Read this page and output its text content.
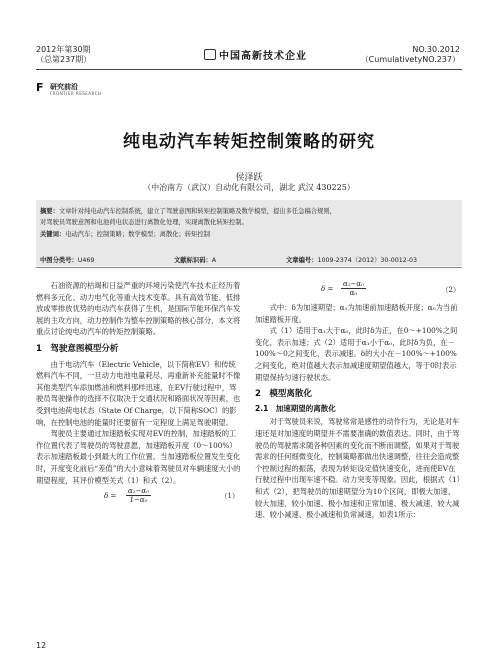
2012年第30期
（总第237期）	中国高新技术企业
NO.30.2012
（CumulativetyNO.237）
F 研究前沿
FRONTIER RESEARCH
纯电动汽车转矩控制策略的研究
侯泽跃
（中冶南方（武汉）自动化有限公司，湖北 武汉 430225）
摘要：文章针对纯电动汽车控制系统，建立了驾驶意图和转矩控制策略及数学模型，提出多任急稿合规则，
对驾驶员驾驶意图和电池荷电状态进行离散化处理，实现离散化转矩控制。
关键词：电动汽车；控制策略；数学模型；离散化；转矩控制
中图分类号：U469	文献标识码：A	文章编号：1009-2374（2012）30-0012-03

石油资源的枯竭和日益严重的环境污染使汽车技术正经历着燃料多元化、动力电气化等重大技术变革。具有高效节能、低排放或零排放优势的电动汽车获得了生机，是国际节能环保汽车发展的主攻方向，动力控制作为整车控制策略的核心部分，本文将重点讨论纯电动汽车的转矩控制策略。

1　驾驶意图模型分析

由于电动汽车（Electric Vehicle，以下简称EV）和传统燃料汽车不同，一旦动力电池电量耗尽，再重新补充能量时不像其他类型汽车添加燃油和燃料那样迅速，在EV行驶过程中，驾驶员驾驶操作的选择不仅取决于交通状况和路面状况等因素，也受到电池荷电状态（State Of Charge，以下简称SOC）的影响，在控制电池的能量时还要留有一定程度上满足驾驶期望。

驾驶员主要通过加速踏板实现对EV的控制，加速踏板的工作位置代表了驾驶员的驾驶意愿，加速踏板开度（0～100%）表示加速踏板最小到最大的工作位置。当加速踏板位置发生变化时，开度变化前后“差值”的大小意味着驾驶员对车辆速度大小的期望程度，其评价模型关式（1）和式（2）。

$\delta = \frac{\text{α₁−α₀}}{\text{1−α₀}}$	（1）
$\delta = \frac{\text{α₁−α₀}}{\text{α₀}}$	（2）

式中：δ为加速期望；α₁为加速前加速踏板开度；α₀为当前加速踏板开度。

式（1）适用于α₁大于α₀，此时δ为正，在0～+100%之间变化，表示加速；式（2）适用于α₁小于α₀，此时δ为负，在－100%～0之间变化，表示减速。δ的大小在－100%～+100%之间变化，绝对值越大表示加减速度期望值越大，等于0时表示期望保持匀速行驶状态。

2　模型离散化
2.1　加速期望的离散化

对于驾驶员来说，驾驶常常是感性的动作行为，无论是对车速还是对加速度的期望并不需要准确的数值表达。同时，由于驾驶员的驾驶需求随各种因素的变化而不断而调整，如果对于驾驶需求的任何细微变化，控制策略都做出快速调整，往往会造成整个控制过程的振荡，表现为转矩设定值快速变化，进而使EV在行驶过程中出现车速不稳。动力突变等现象。因此，根据式（1）和式（2），把驾驶员的加速期望分为10个区间，即极大加速、较大加速、较小加速、极小加速和正常加速、极大减速、较大减速、较小减速、极小减速和负常减速，如表1所示：

12
